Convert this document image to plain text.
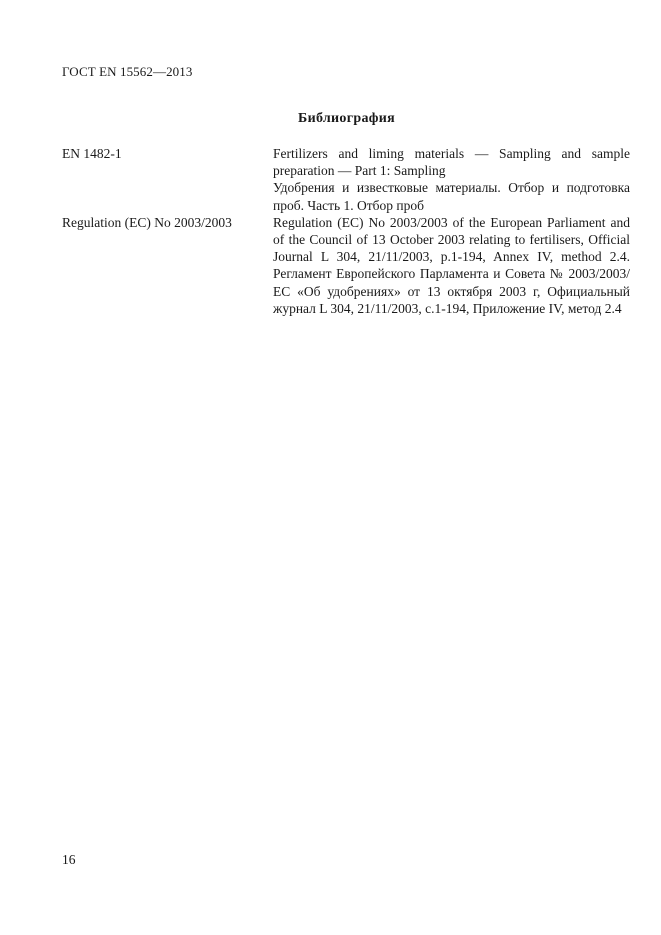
ГОСТ EN 15562—2013
Библиография
EN 1482-1	Fertilizers and liming materials — Sampling and sample preparation — Part 1: Sampling

Удобрения и известковые материалы. Отбор и подготовка проб. Часть 1. Отбор проб

Regulation (EC) No 2003/2003	Regulation (EC) No 2003/2003 of the European Parliament and of the Council of 13 October 2003 relating to fertilisers, Official Journal L 304, 21/11/2003, p.1-194, Annex IV, method 2.4. Регламент Европейского Парламента и Совета № 2003/2003/ЕС «Об удобрениях» от 13 октября 2003 г, Официальный журнал L 304, 21/11/2003, с.1-194, Приложение IV, метод 2.4

16
